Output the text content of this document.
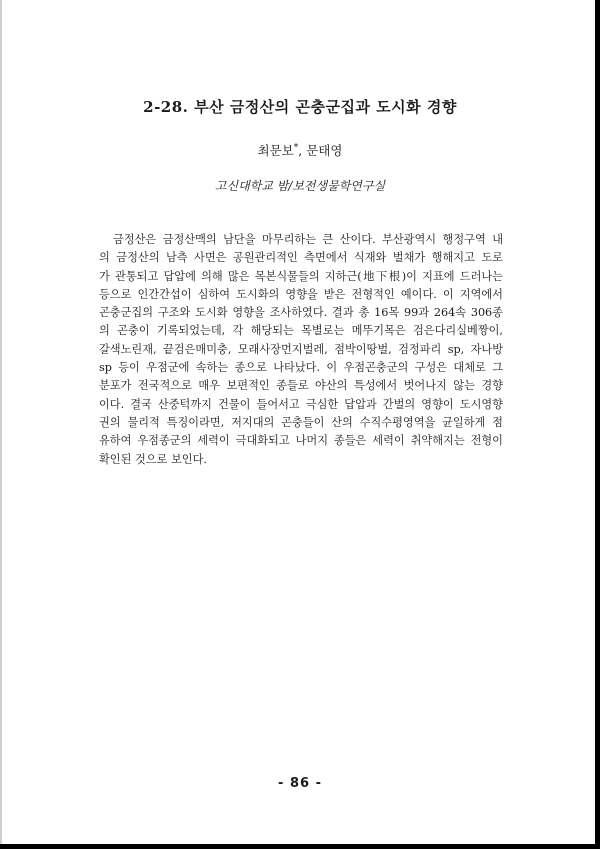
2-28. 부산 금정산의 곤충군집과 도시화 경향
최문보*, 문태영
고신대학교 밤/보전생물학연구실
금정산은 금정산맥의 남단을 마무리하는 큰 산이다. 부산광역시 행정구역 내
의 금정산의 남측 사면은 공원관리적인 측면에서 식재와 벌채가 행해지고 도로
가 관통되고 답압에 의해 많은 목본식물들의 지하근(地下根)이 지표에 드러나는
등으로 인간간섭이 심하여 도시화의 영향을 받은 전형적인 예이다. 이 지역에서
곤충군집의 구조와 도시화 영향을 조사하였다. 결과 총 16목 99과 264속 306종
의 곤충이 기록되었는데, 각 해당되는 목별로는 메뚜기목은 검은다리실베짱이,
갈색노린재, 끝검은매미충, 모래사장먼지벌레, 점박이땅벌, 검정파리 sp, 자나방
sp 등이 우점군에 속하는 종으로 나타났다. 이 우점곤충군의 구성은 대체로 그
분포가 전국적으로 매우 보편적인 종들로 야산의 특성에서 벗어나지 않는 경향
이다. 결국 산중턱까지 건물이 들어서고 극심한 답압과 간벌의 영향이 도시영향
권의 물리적 특징이라면, 저지대의 곤충들이 산의 수직수평영역을 균일하게 점
유하여 우점종군의 세력이 극대화되고 나머지 종들은 세력이 취약해지는 전형이
확인된 것으로 보인다.
- 86 -
